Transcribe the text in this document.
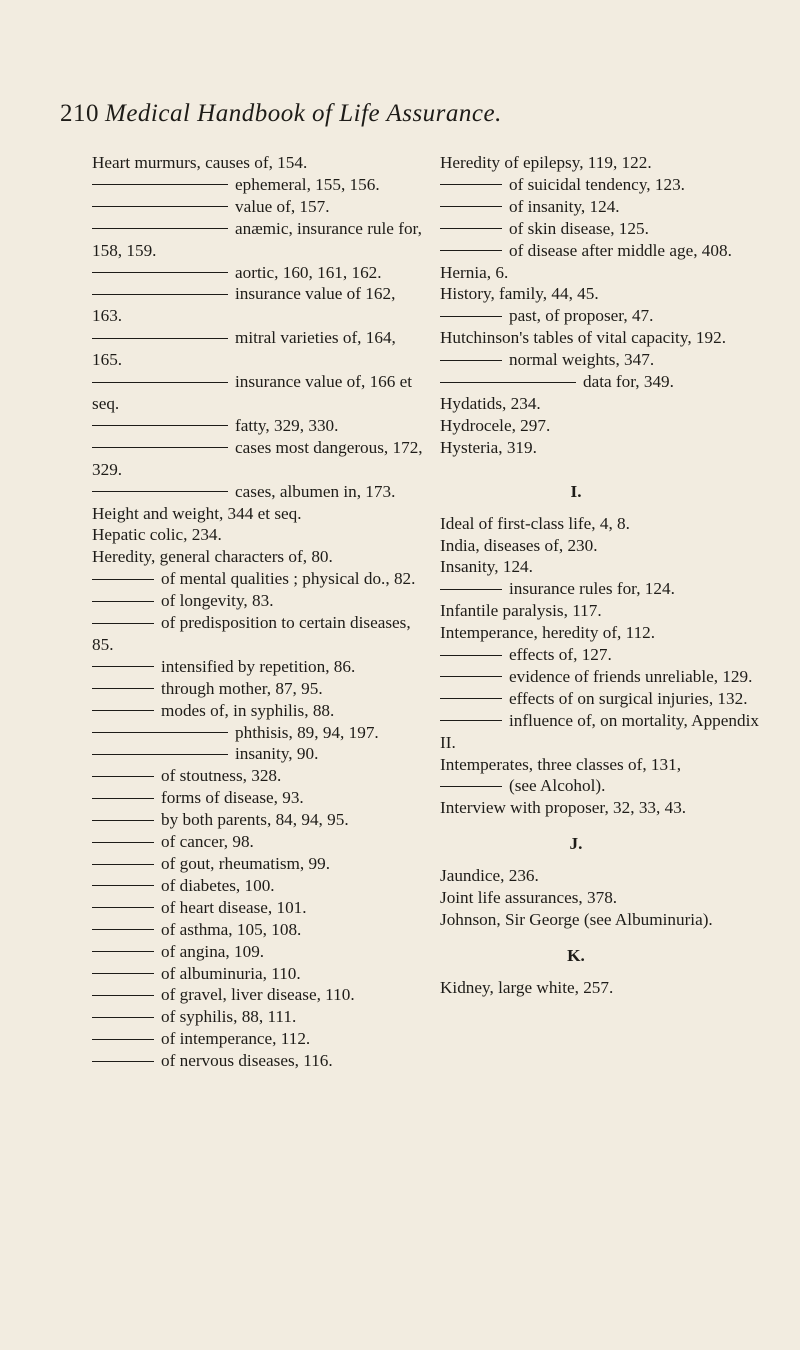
210 Medical Handbook of Life Assurance.
Heart murmurs, causes of, 154.
ephemeral, 155, 156.
value of, 157.
anæmic, insurance rule for, 158, 159.
aortic, 160, 161, 162.
insurance value of 162, 163.
mitral varieties of, 164, 165.
insurance value of, 166 et seq.
fatty, 329, 330.
cases most dangerous, 172, 329.
cases, albumen in, 173.
Height and weight, 344 et seq.
Hepatic colic, 234.
Heredity, general characters of, 80.
of mental qualities ; physical do., 82.
of longevity, 83.
of predisposition to certain diseases, 85.
intensified by repetition, 86.
through mother, 87, 95.
modes of, in syphilis, 88.
phthisis, 89, 94, 197.
insanity, 90.
of stoutness, 328.
forms of disease, 93.
by both parents, 84, 94, 95.
of cancer, 98.
of gout, rheumatism, 99.
of diabetes, 100.
of heart disease, 101.
of asthma, 105, 108.
of angina, 109.
of albuminuria, 110.
of gravel, liver disease, 110.
of syphilis, 88, 111.
of intemperance, 112.
of nervous diseases, 116.
Heredity of epilepsy, 119, 122.
of suicidal tendency, 123.
of insanity, 124.
of skin disease, 125.
of disease after middle age, 408.
Hernia, 6.
History, family, 44, 45.
past, of proposer, 47.
Hutchinson's tables of vital capacity, 192.
normal weights, 347.
data for, 349.
Hydatids, 234.
Hydrocele, 297.
Hysteria, 319.
I.
Ideal of first-class life, 4, 8.
India, diseases of, 230.
Insanity, 124.
insurance rules for, 124.
Infantile paralysis, 117.
Intemperance, heredity of, 112.
effects of, 127.
evidence of friends unreliable, 129.
effects of on surgical injuries, 132.
influence of, on mortality, Appendix II.
Intemperates, three classes of, 131,
(see Alcohol).
Interview with proposer, 32, 33, 43.
J.
Jaundice, 236.
Joint life assurances, 378.
Johnson, Sir George (see Albuminuria).
K.
Kidney, large white, 257.
